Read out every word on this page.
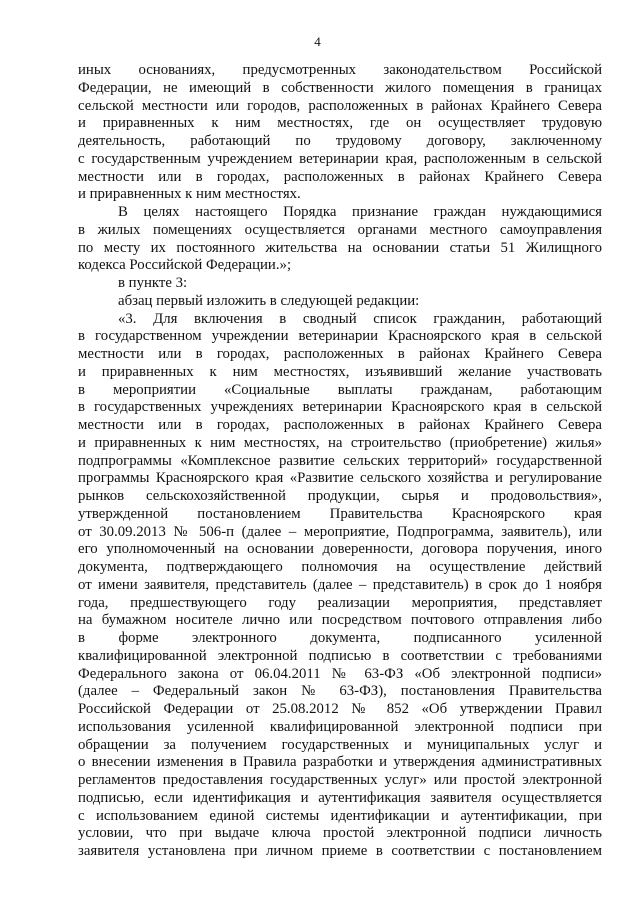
4
иных основаниях, предусмотренных законодательством Российской
Федерации, не имеющий в собственности жилого помещения в границах
сельской местности или городов, расположенных в районах Крайнего Севера
и приравненных к ним местностях, где он осуществляет трудовую
деятельность, работающий по трудовому договору, заключенному
с государственным учреждением ветеринарии края, расположенным в сельской
местности или в городах, расположенных в районах Крайнего Севера
и приравненных к ним местностях.
В целях настоящего Порядка признание граждан нуждающимися
в жилых помещениях осуществляется органами местного самоуправления
по месту их постоянного жительства на основании статьи 51 Жилищного
кодекса Российской Федерации.»;
в пункте 3:
абзац первый изложить в следующей редакции:
«3. Для включения в сводный список гражданин, работающий
в государственном учреждении ветеринарии Красноярского края в сельской
местности или в городах, расположенных в районах Крайнего Севера
и приравненных к ним местностях, изъявивший желание участвовать
в мероприятии «Социальные выплаты гражданам, работающим
в государственных учреждениях ветеринарии Красноярского края в сельской
местности или в городах, расположенных в районах Крайнего Севера
и приравненных к ним местностях, на строительство (приобретение) жилья»
подпрограммы «Комплексное развитие сельских территорий» государственной
программы Красноярского края «Развитие сельского хозяйства и регулирование
рынков сельскохозяйственной продукции, сырья и продовольствия»,
утвержденной постановлением Правительства Красноярского края
от 30.09.2013 № 506-п (далее – мероприятие, Подпрограмма, заявитель), или
его уполномоченный на основании доверенности, договора поручения, иного
документа, подтверждающего полномочия на осуществление действий
от имени заявителя, представитель (далее – представитель) в срок до 1 ноября
года, предшествующего году реализации мероприятия, представляет
на бумажном носителе лично или посредством почтового отправления либо
в форме электронного документа, подписанного усиленной
квалифицированной электронной подписью в соответствии с требованиями
Федерального закона от 06.04.2011 № 63-ФЗ «Об электронной подписи»
(далее – Федеральный закон № 63-ФЗ), постановления Правительства
Российской Федерации от 25.08.2012 № 852 «Об утверждении Правил
использования усиленной квалифицированной электронной подписи при
обращении за получением государственных и муниципальных услуг и
о внесении изменения в Правила разработки и утверждения административных
регламентов предоставления государственных услуг» или простой электронной
подписью, если идентификация и аутентификация заявителя осуществляется
с использованием единой системы идентификации и аутентификации, при
условии, что при выдаче ключа простой электронной подписи личность
заявителя установлена при личном приеме в соответствии с постановлением
